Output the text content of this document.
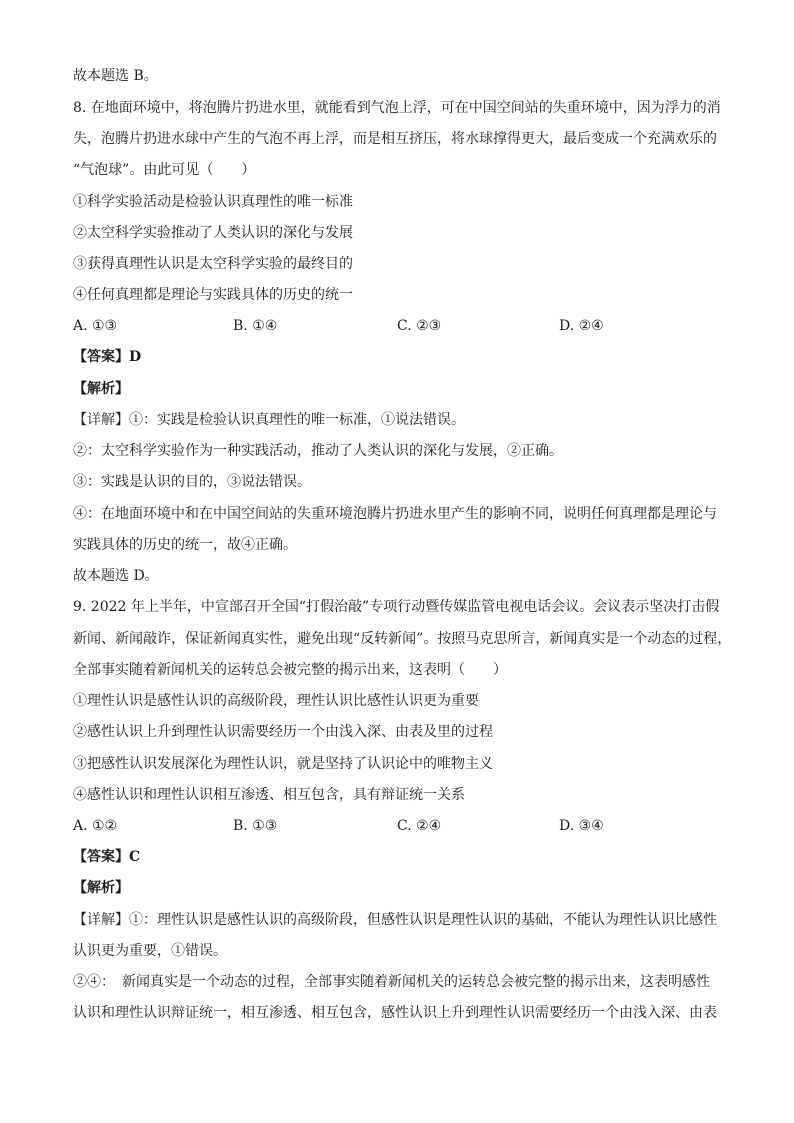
故本题选 B。
8. 在地面环境中，将泡腾片扔进水里，就能看到气泡上浮，可在中国空间站的失重环境中，因为浮力的消
失，泡腾片扔进水球中产生的气泡不再上浮，而是相互挤压，将水球撑得更大，最后变成一个充满欢乐的
“气泡球”。由此可见（　　）
①科学实验活动是检验认识真理性的唯一标准
②太空科学实验推动了人类认识的深化与发展
③获得真理性认识是太空科学实验的最终目的
④任何真理都是理论与实践具体的历史的统一
A. ①③	B. ①④	C. ②③	D. ②④
【答案】D
【解析】
【详解】①：实践是检验认识真理性的唯一标准，①说法错误。
②：太空科学实验作为一种实践活动，推动了人类认识的深化与发展，②正确。
③：实践是认识的目的，③说法错误。
④：在地面环境中和在中国空间站的失重环境泡腾片扔进水里产生的影响不同，说明任何真理都是理论与
实践具体的历史的统一，故④正确。
故本题选 D。
9. 2022 年上半年，中宣部召开全国“打假治敲”专项行动暨传媒监管电视电话会议。会议表示坚决打击假
新闻、新闻敲诈，保证新闻真实性，避免出现“反转新闻”。按照马克思所言，新闻真实是一个动态的过程，
全部事实随着新闻机关的运转总会被完整的揭示出来，这表明（　　）
①理性认识是感性认识的高级阶段，理性认识比感性认识更为重要
②感性认识上升到理性认识需要经历一个由浅入深、由表及里的过程
③把感性认识发展深化为理性认识，就是坚持了认识论中的唯物主义
④感性认识和理性认识相互渗透、相互包含，具有辩证统一关系
A. ①②	B. ①③	C. ②④	D. ③④
【答案】C
【解析】
【详解】①：理性认识是感性认识的高级阶段，但感性认识是理性认识的基础，不能认为理性认识比感性
认识更为重要，①错误。
②④：　新闻真实是一个动态的过程，全部事实随着新闻机关的运转总会被完整的揭示出来，这表明感性
认识和理性认识辩证统一，相互渗透、相互包含，感性认识上升到理性认识需要经历一个由浅入深、由表
